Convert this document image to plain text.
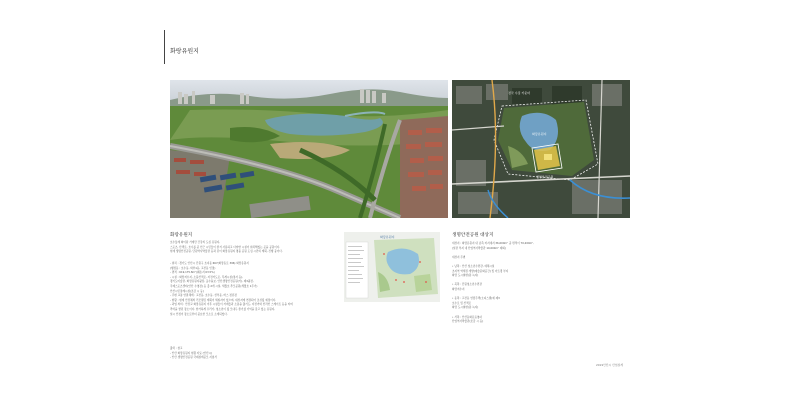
화랑유원지
전국 수집 카운터
화랑유원지
생명안전공원
화랑유원지
호수둘레 화이란 가재만 건강의 도심 유원지,
스포츠, 산책로, 호수를 중 인근 시민들이 즐겨 사용하고 다양한 시설이 위치해있는 곳을 공원이다.
현재 생명안전공원, 단원역사박물관 등과 같이 화랑유원지 명품 공원 도심 시민의 계획, 진행 중이다.
- 위치 : 경기도 안산시 단원구 초지동 667(화랑동로 396) 화랑유원지
(행정동 : 호수동, 와부1동, 고잔동 인접)
- 면적 : 619,175.8m²(훼손지 63.5%)
- 시설 : 화랑저수지, 소풍산책로, 자전거도로, 후게시설(정자 등),
경기도미술관, 화랑유원지광장, 옷수돌보, 안산생명안전공원(가), 제3광장,
국제스포츠센터(안산 수영장) 등 총 2개 시설, 세월호 추모공원(세월호 1주기)
안산시민장례시설(조감 시 등)
- 주변 교통 연결체계 : 고잔동, 호수동, 선부동, 버스 정류장
- 현황 : 현재 안전체의 리모델링 계획이 세워지어 있으며, 대상지에 연결되어 조성될 예정이다.
- 과업 의의 : 안전교 화랑유원지 이후 시설들이 거래들과 소통을 출기도, 자전거와 인라인 스케이트 등을 타며
추억을 쌓던 장소이다. 한가하게 우리가, 청소년이 될 모내두 즐기셨 기억을 갖고 있는 유원지,
일시 안정이 장소로부터 중요한 모소로 소개되었다.
화랑유원지	생명안전공원 대상지
대상지 : 화랑유원지 내 남측 저지대지 36,000m² 중 면적이 70,200m²,
(일관 부지 내 산업역사박물관 10,000m² 제외)

대상지 주변

• 남쪽 : 안산 청소년수련관, 예체시설
초지역 역세권 개발(예술문화공간) 및 아트경 부지
화랑 도시철변(통 녹지)

• 북쪽 : 단원청소년수련관
화랑저수지

• 동쪽 : 고잔동 연립주택(오피스텔)예 제3
호수로 및 산책로
화랑 도시철변(통 녹지)

• 서쪽 : 안산동화유료영파
산업역사박물관(조감 시 등)
출처 : 참고
- 안산 화랑유원지 현황 자료 (안산시)
- 안산 생명안전공원 국제설계공모 지침서
2019안산시 산업설계
